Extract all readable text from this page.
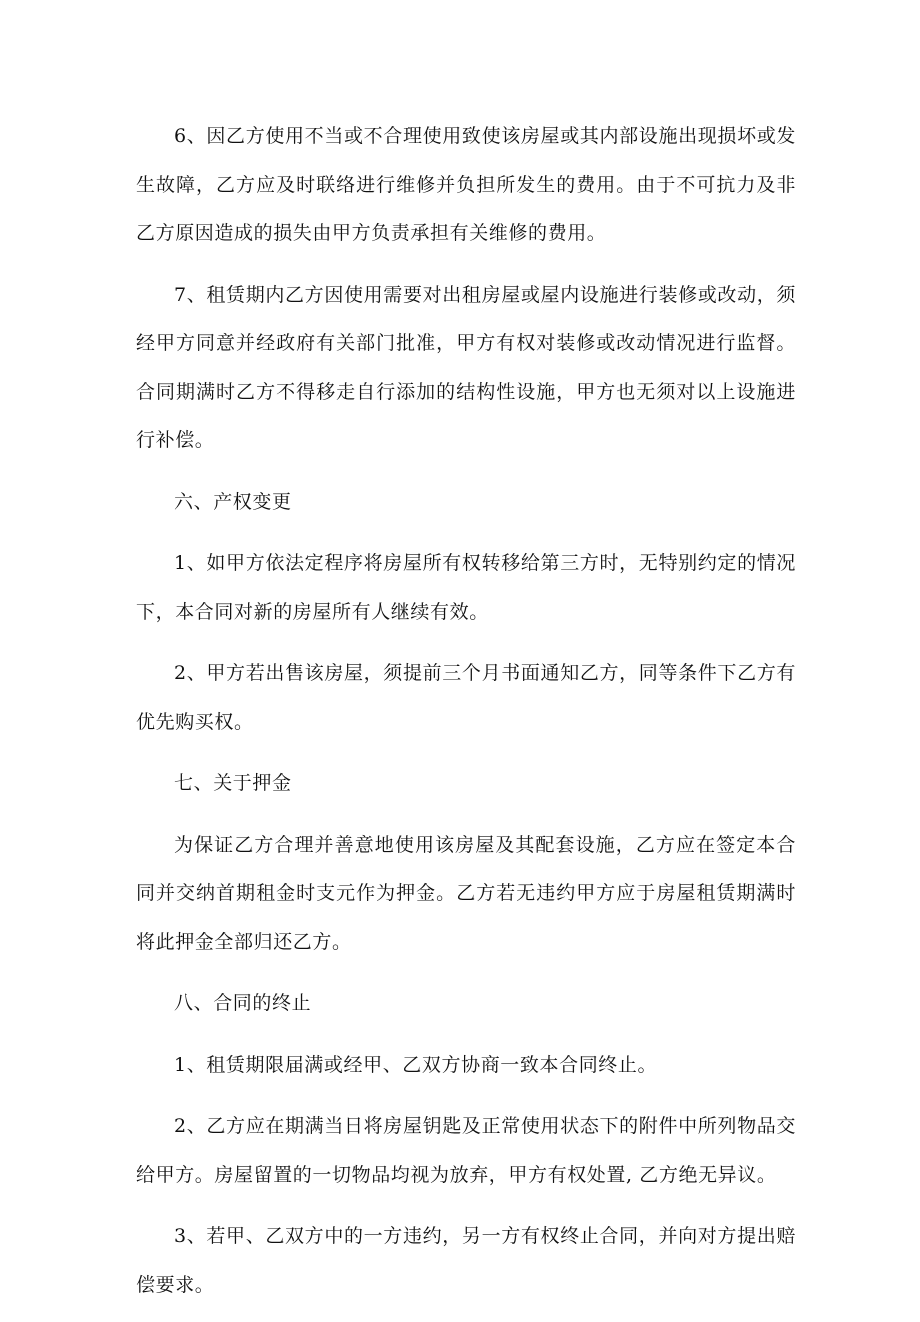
6、因乙方使用不当或不合理使用致使该房屋或其内部设施出现损坏或发生故障，乙方应及时联络进行维修并负担所发生的费用。由于不可抗力及非乙方原因造成的损失由甲方负责承担有关维修的费用。

7、租赁期内乙方因使用需要对出租房屋或屋内设施进行装修或改动，须经甲方同意并经政府有关部门批准，甲方有权对装修或改动情况进行监督。合同期满时乙方不得移走自行添加的结构性设施，甲方也无须对以上设施进行补偿。

六、产权变更

1、如甲方依法定程序将房屋所有权转移给第三方时，无特别约定的情况下，本合同对新的房屋所有人继续有效。

2、甲方若出售该房屋，须提前三个月书面通知乙方，同等条件下乙方有优先购买权。

七、关于押金

为保证乙方合理并善意地使用该房屋及其配套设施，乙方应在签定本合同并交纳首期租金时支元作为押金。乙方若无违约甲方应于房屋租赁期满时将此押金全部归还乙方。

八、合同的终止

1、租赁期限届满或经甲、乙双方协商一致本合同终止。

2、乙方应在期满当日将房屋钥匙及正常使用状态下的附件中所列物品交给甲方。房屋留置的一切物品均视为放弃，甲方有权处置, 乙方绝无异议。

3、若甲、乙双方中的一方违约，另一方有权终止合同，并向对方提出赔偿要求。
